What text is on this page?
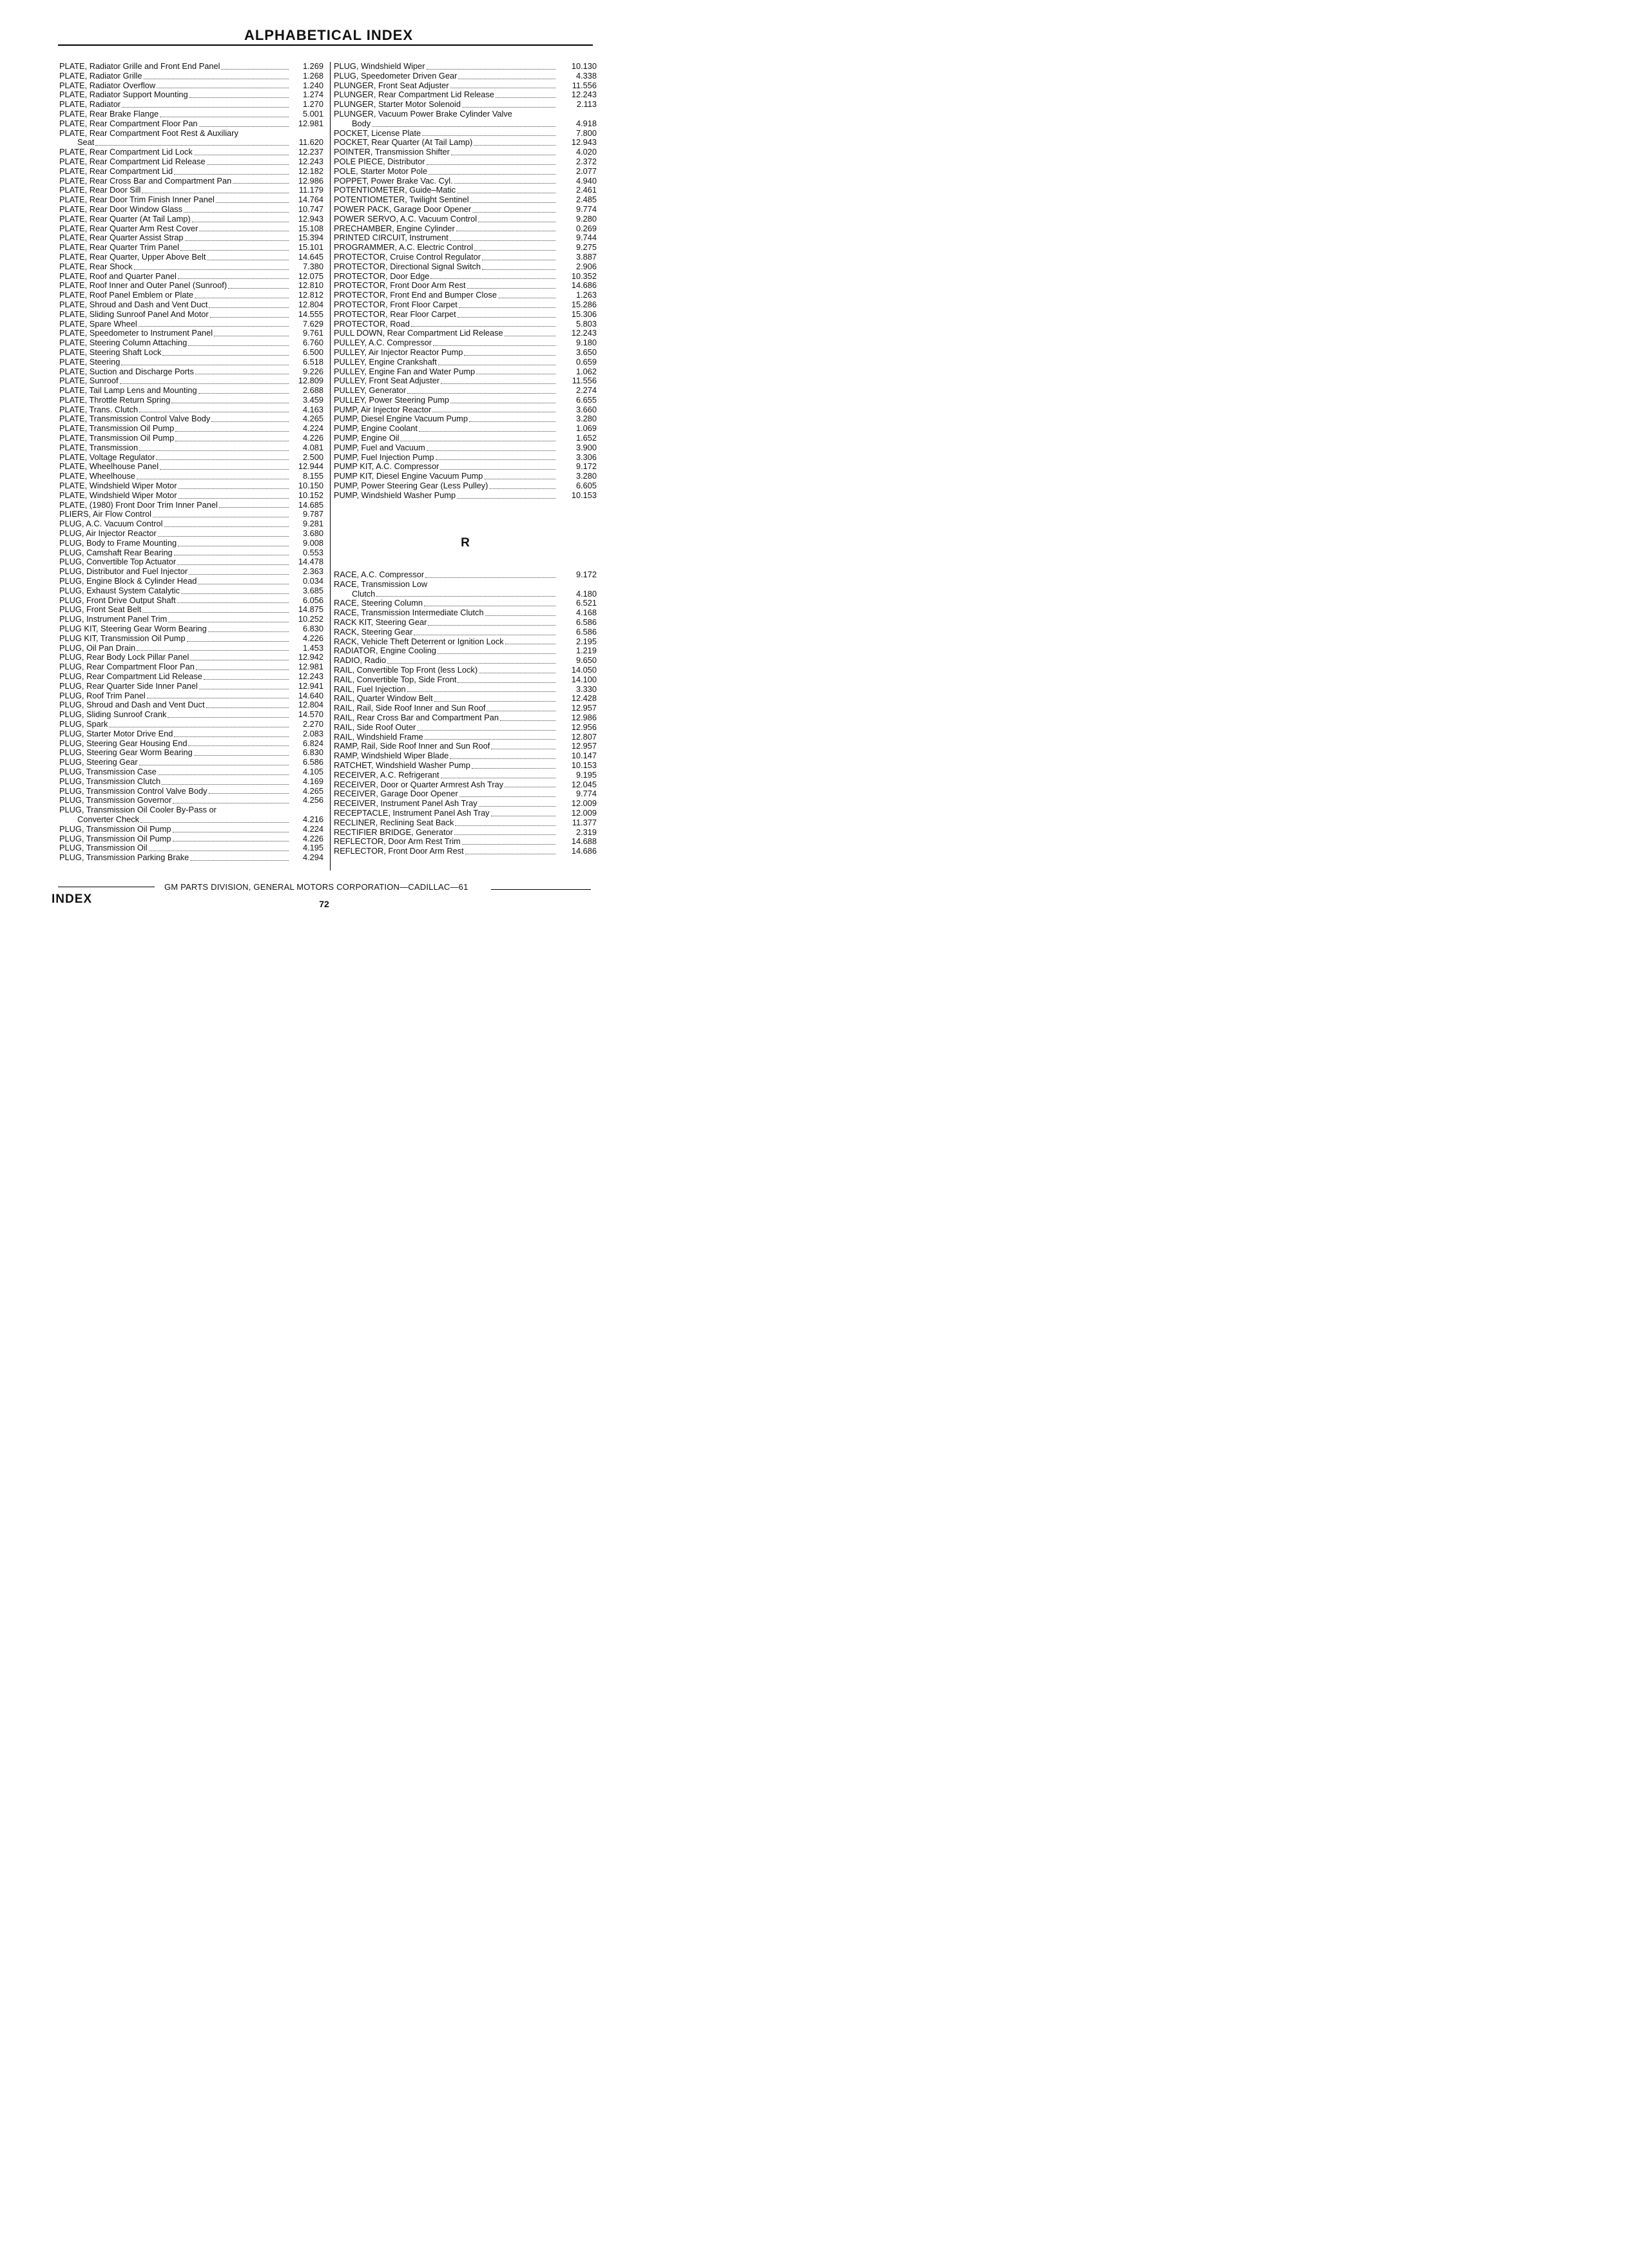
ALPHABETICAL INDEX
PLATE, Radiator Grille and Front End Panel	1.269
PLATE, Radiator Grille	1.268
PLATE, Radiator Overflow	1.240
PLATE, Radiator Support Mounting	1.274
PLATE, Radiator	1.270
PLATE, Rear Brake Flange	5.001
PLATE, Rear Compartment Floor Pan	12.981
PLATE, Rear Compartment Foot Rest & Auxiliary
Seat	11.620
PLATE, Rear Compartment Lid Lock	12.237
PLATE, Rear Compartment Lid Release	12.243
PLATE, Rear Compartment Lid	12.182
PLATE, Rear Cross Bar and Compartment Pan	12.986
PLATE, Rear Door Sill	11.179
PLATE, Rear Door Trim Finish Inner Panel	14.764
PLATE, Rear Door Window Glass	10.747
PLATE, Rear Quarter (At Tail Lamp)	12.943
PLATE, Rear Quarter Arm Rest Cover	15.108
PLATE, Rear Quarter Assist Strap	15.394
PLATE, Rear Quarter Trim Panel	15.101
PLATE, Rear Quarter, Upper Above Belt	14.645
PLATE, Rear Shock	7.380
PLATE, Roof and Quarter Panel	12.075
PLATE, Roof Inner and Outer Panel (Sunroof)	12.810
PLATE, Roof Panel Emblem or Plate	12.812
PLATE, Shroud and Dash and Vent Duct	12.804
PLATE, Sliding Sunroof Panel And Motor	14.555
PLATE, Spare Wheel	7.629
PLATE, Speedometer to Instrument Panel	9.761
PLATE, Steering Column Attaching	6.760
PLATE, Steering Shaft Lock	6.500
PLATE, Steering	6.518
PLATE, Suction and Discharge Ports	9.226
PLATE, Sunroof	12.809
PLATE, Tail Lamp Lens and Mounting	2.688
PLATE, Throttle Return Spring	3.459
PLATE, Trans. Clutch	4.163
PLATE, Transmission Control Valve Body	4.265
PLATE, Transmission Oil Pump	4.224
PLATE, Transmission Oil Pump	4.226
PLATE, Transmission	4.081
PLATE, Voltage Regulator	2.500
PLATE, Wheelhouse Panel	12.944
PLATE, Wheelhouse	8.155
PLATE, Windshield Wiper Motor	10.150
PLATE, Windshield Wiper Motor	10.152
PLATE, (1980) Front Door Trim Inner Panel	14.685
PLIERS, Air Flow Control	9.787
PLUG, A.C. Vacuum Control	9.281
PLUG, Air Injector Reactor	3.680
PLUG, Body to Frame Mounting	9.008
PLUG, Camshaft Rear Bearing	0.553
PLUG, Convertible Top Actuator	14.478
PLUG, Distributor and Fuel Injector	2.363
PLUG, Engine Block & Cylinder Head	0.034
PLUG, Exhaust System Catalytic	3.685
PLUG, Front Drive Output Shaft	6.056
PLUG, Front Seat Belt	14.875
PLUG, Instrument Panel Trim	10.252
PLUG KIT, Steering Gear Worm Bearing	6.830
PLUG KIT, Transmission Oil Pump	4.226
PLUG, Oil Pan Drain	1.453
PLUG, Rear Body Lock Pillar Panel	12.942
PLUG, Rear Compartment Floor Pan	12.981
PLUG, Rear Compartment Lid Release	12.243
PLUG, Rear Quarter Side Inner Panel	12.941
PLUG, Roof Trim Panel	14.640
PLUG, Shroud and Dash and Vent Duct	12.804
PLUG, Sliding Sunroof Crank	14.570
PLUG, Spark	2.270
PLUG, Starter Motor Drive End	2.083
PLUG, Steering Gear Housing End	6.824
PLUG, Steering Gear Worm Bearing	6.830
PLUG, Steering Gear	6.586
PLUG, Transmission Case	4.105
PLUG, Transmission Clutch	4.169
PLUG, Transmission Control Valve Body	4.265
PLUG, Transmission Governor	4.256
PLUG, Transmission Oil Cooler By-Pass or
Converter Check	4.216
PLUG, Transmission Oil Pump	4.224
PLUG, Transmission Oil Pump	4.226
PLUG, Transmission Oil	4.195
PLUG, Transmission Parking Brake	4.294
PLUG, Windshield Wiper	10.130
PLUG, Speedometer Driven Gear	4.338
PLUNGER, Front Seat Adjuster	11.556
PLUNGER, Rear Compartment Lid Release	12.243
PLUNGER, Starter Motor Solenoid	2.113
PLUNGER, Vacuum Power Brake Cylinder Valve
Body	4.918
POCKET, License Plate	7.800
POCKET, Rear Quarter (At Tail Lamp)	12.943
POINTER, Transmission Shifter	4.020
POLE PIECE, Distributor	2.372
POLE, Starter Motor Pole	2.077
POPPET, Power Brake Vac. Cyl.	4.940
POTENTIOMETER, Guide–Matic	2.461
POTENTIOMETER, Twilight Sentinel	2.485
POWER PACK, Garage Door Opener	9.774
POWER SERVO, A.C. Vacuum Control	9.280
PRECHAMBER, Engine Cylinder	0.269
PRINTED CIRCUIT, Instrument	9.744
PROGRAMMER, A.C. Electric Control	9.275
PROTECTOR, Cruise Control Regulator	3.887
PROTECTOR, Directional Signal Switch	2.906
PROTECTOR, Door Edge	10.352
PROTECTOR, Front Door Arm Rest	14.686
PROTECTOR, Front End and Bumper Close	1.263
PROTECTOR, Front Floor Carpet	15.286
PROTECTOR, Rear Floor Carpet	15.306
PROTECTOR, Road	5.803
PULL DOWN, Rear Compartment Lid Release	12.243
PULLEY, A.C. Compressor	9.180
PULLEY, Air Injector Reactor Pump	3.650
PULLEY, Engine Crankshaft	0.659
PULLEY, Engine Fan and Water Pump	1.062
PULLEY, Front Seat Adjuster	11.556
PULLEY, Generator	2.274
PULLEY, Power Steering Pump	6.655
PUMP, Air Injector Reactor	3.660
PUMP, Diesel Engine Vacuum Pump	3.280
PUMP, Engine Coolant	1.069
PUMP, Engine Oil	1.652
PUMP, Fuel and Vacuum	3.900
PUMP, Fuel Injection Pump	3.306
PUMP KIT, A.C. Compressor	9.172
PUMP KIT, Diesel Engine Vacuum Pump	3.280
PUMP, Power Steering Gear (Less Pulley)	6.605
PUMP, Windshield Washer Pump	10.153
R
RACE, A.C. Compressor	9.172
RACE, Transmission Low
Clutch	4.180
RACE, Steering Column	6.521
RACE, Transmission Intermediate Clutch	4.168
RACK KIT, Steering Gear	6.586
RACK, Steering Gear	6.586
RACK, Vehicle Theft Deterrent or Ignition Lock	2.195
RADIATOR, Engine Cooling	1.219
RADIO, Radio	9.650
RAIL, Convertible Top Front (less Lock)	14.050
RAIL, Convertible Top, Side Front	14.100
RAIL, Fuel Injection	3.330
RAIL, Quarter Window Belt	12.428
RAIL, Rail, Side Roof Inner and Sun Roof	12.957
RAIL, Rear Cross Bar and Compartment Pan	12.986
RAIL, Side Roof Outer	12.956
RAIL, Windshield Frame	12.807
RAMP, Rail, Side Roof Inner and Sun Roof	12.957
RAMP, Windshield Wiper Blade	10.147
RATCHET, Windshield Washer Pump	10.153
RECEIVER, A.C. Refrigerant	9.195
RECEIVER, Door or Quarter Armrest Ash Tray	12.045
RECEIVER, Garage Door Opener	9.774
RECEIVER, Instrument Panel Ash Tray	12.009
RECEPTACLE, Instrument Panel Ash Tray	12.009
RECLINER, Reclining Seat Back	11.377
RECTIFIER BRIDGE, Generator	2.319
REFLECTOR, Door Arm Rest Trim	14.688
REFLECTOR, Front Door Arm Rest	14.686
GM PARTS DIVISION, GENERAL MOTORS CORPORATION—CADILLAC—61
INDEX	72
